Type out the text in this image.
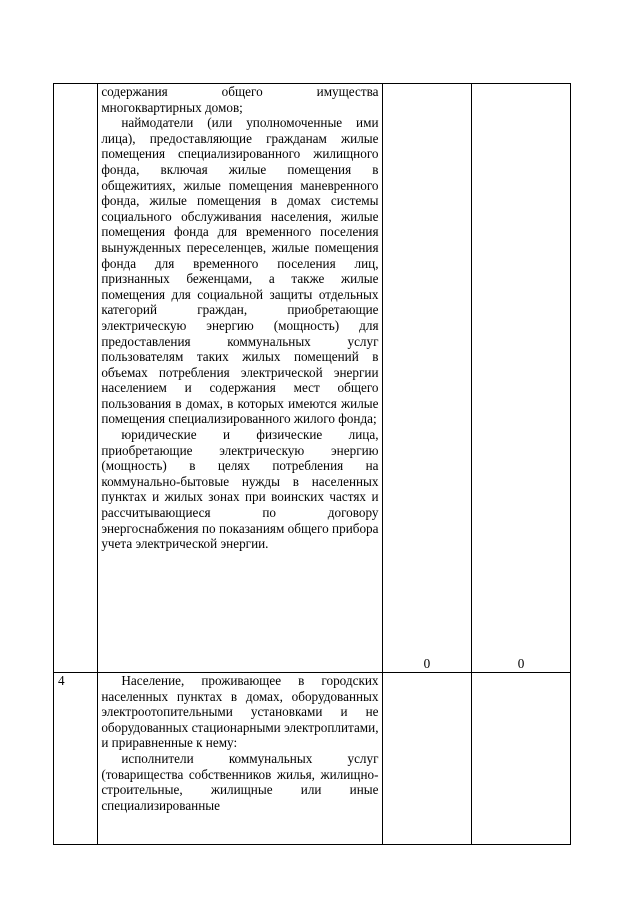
	содержания общего имущества многоквартирных домов;

наймодатели (или уполномоченные ими лица), предоставляющие гражданам жилые помещения специализированного жилищного фонда, включая жилые помещения в общежитиях, жилые помещения маневренного фонда, жилые помещения в домах системы социального обслуживания населения, жилые помещения фонда для временного поселения вынужденных переселенцев, жилые помещения фонда для временного поселения лиц, признанных беженцами, а также жилые помещения для социальной защиты отдельных категорий граждан, приобретающие электрическую энергию (мощность) для предоставления коммунальных услуг пользователям таких жилых помещений в объемах потребления электрической энергии населением и содержания мест общего пользования в домах, в которых имеются жилые помещения специализированного жилого фонда;

юридические и физические лица, приобретающие электрическую энергию (мощность) в целях потребления на коммунально-бытовые нужды в населенных пунктах и жилых зонах при воинских частях и рассчитывающиеся по договору энергоснабжения по показаниям общего прибора учета электрической энергии.	0	0
4	Население, проживающее в городских населенных пунктах в домах, оборудованных электроотопительными установками и не оборудованных стационарными электроплитами, и приравненные к нему:

исполнители коммунальных услуг (товарищества собственников жилья, жилищно-строительные, жилищные или иные специализированные		
